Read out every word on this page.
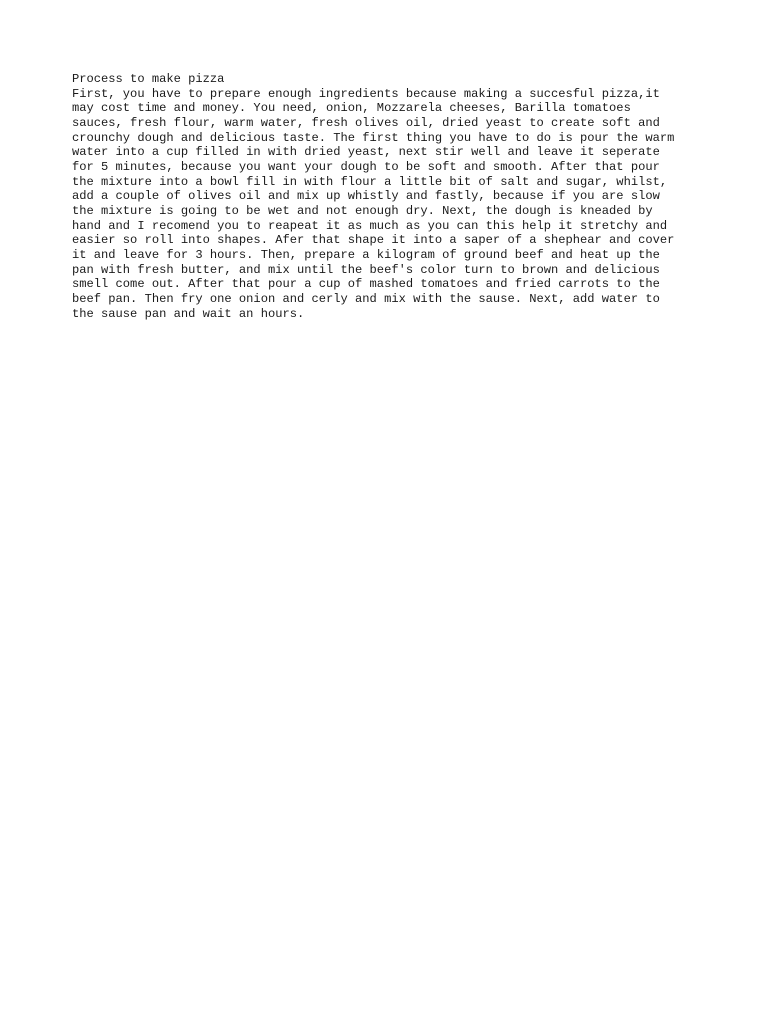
Process to make pizza
First, you have to prepare enough ingredients because making a succesful pizza,it
may cost time and money. You need, onion, Mozzarela cheeses, Barilla tomatoes
sauces, fresh flour, warm water, fresh olives oil, dried yeast to create soft and
crounchy dough and delicious taste. The first thing you have to do is pour the warm
water into a cup filled in with dried yeast, next stir well and leave it seperate
for 5 minutes, because you want your dough to be soft and smooth. After that pour
the mixture into a bowl fill in with flour a little bit of salt and sugar, whilst,
add a couple of olives oil and mix up whistly and fastly, because if you are slow
the mixture is going to be wet and not enough dry. Next, the dough is kneaded by
hand and I recomend you to reapeat it as much as you can this help it stretchy and
easier so roll into shapes. Afer that shape it into a saper of a shephear and cover
it and leave for 3 hours. Then, prepare a kilogram of ground beef and heat up the
pan with fresh butter, and mix until the beef's color turn to brown and delicious
smell come out. After that pour a cup of mashed tomatoes and fried carrots to the
beef pan. Then fry one onion and cerly and mix with the sause. Next, add water to
the sause pan and wait an hours.
